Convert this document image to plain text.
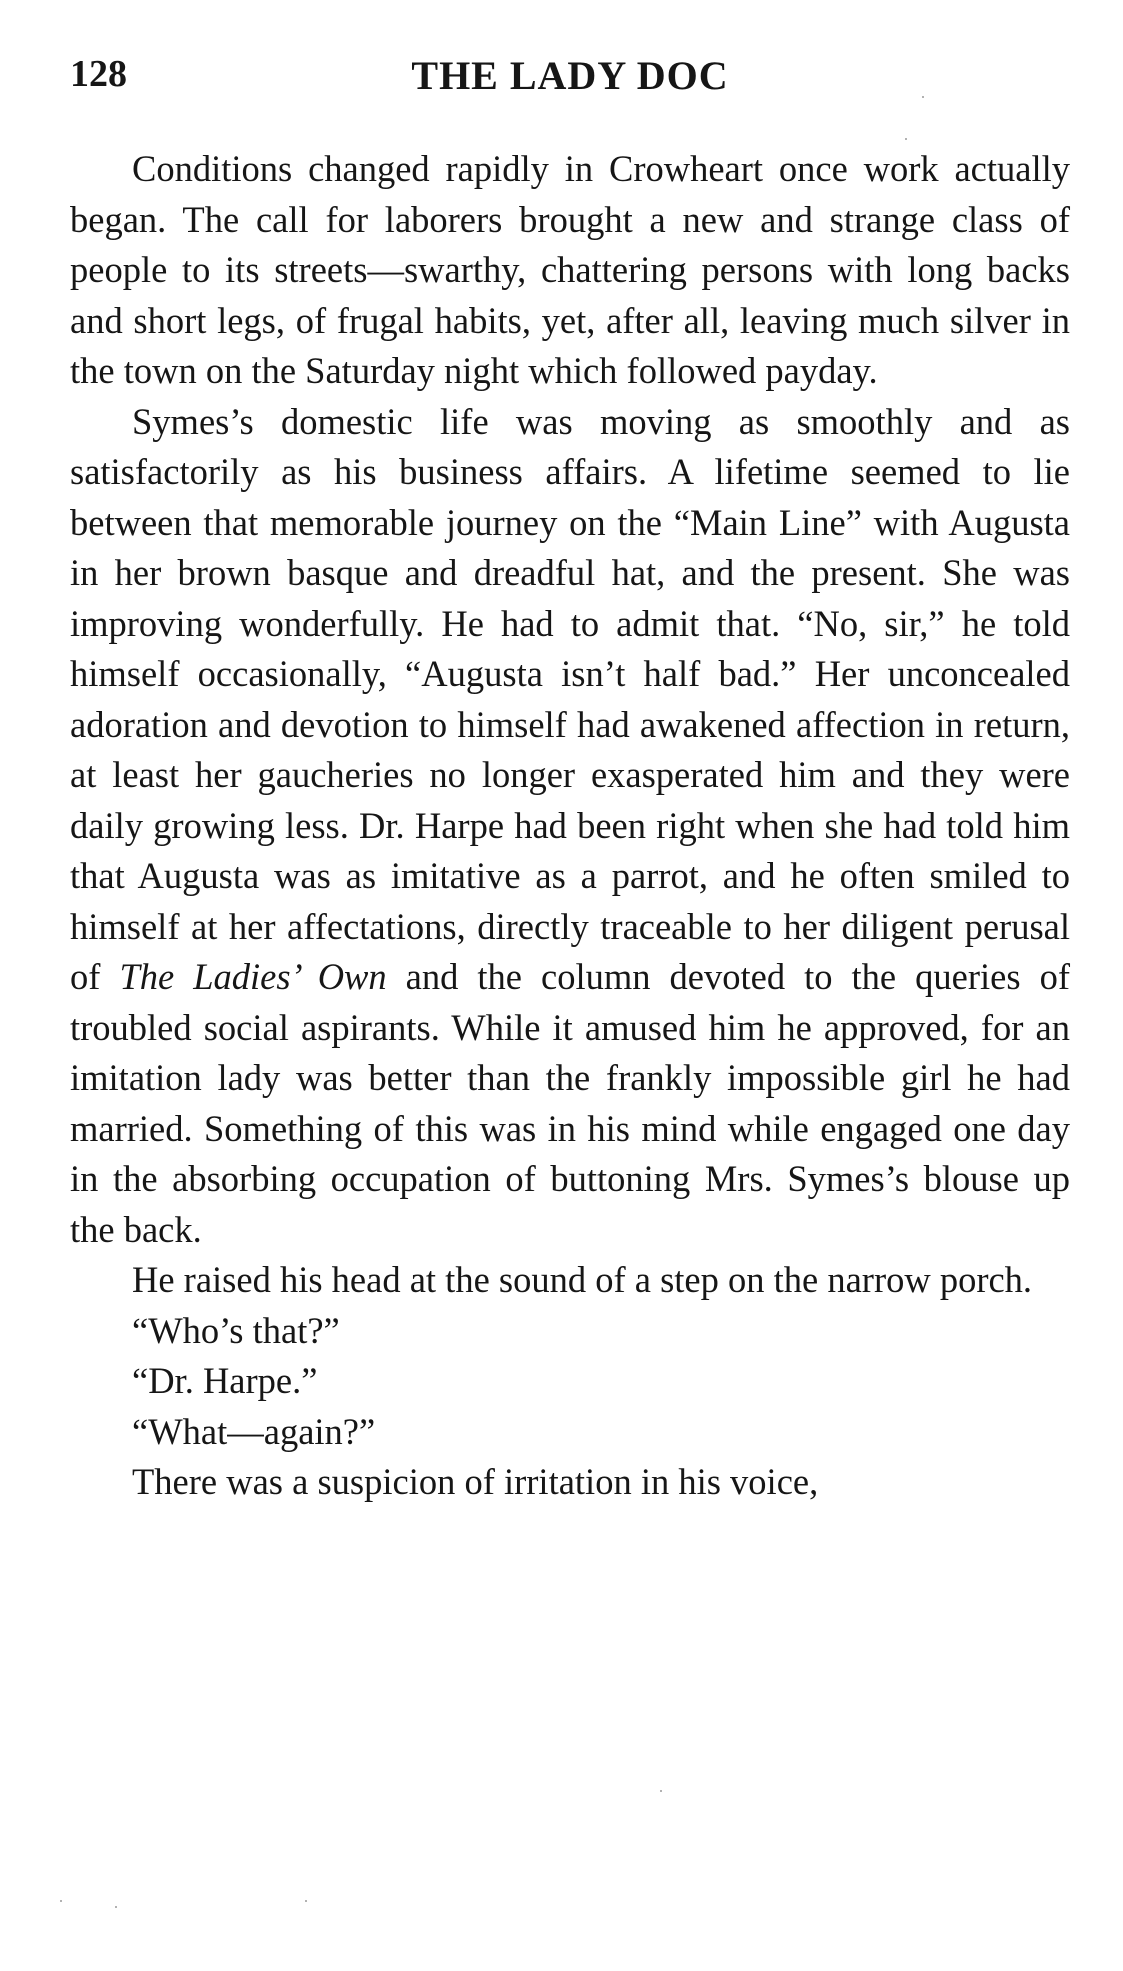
128	THE LADY DOC

Conditions changed rapidly in Crowheart once work actually began. The call for laborers brought a new and strange class of people to its streets—swarthy, chattering persons with long backs and short legs, of frugal habits, yet, after all, leaving much silver in the town on the Saturday night which followed payday.

Symes’s domestic life was moving as smoothly and as satisfactorily as his business affairs. A lifetime seemed to lie between that memorable journey on the “Main Line” with Augusta in her brown basque and dreadful hat, and the present. She was improving wonderfully. He had to admit that. “No, sir,” he told himself occasionally, “Augusta isn’t half bad.” Her unconcealed adoration and devotion to himself had awakened affection in return, at least her gaucheries no longer exasperated him and they were daily growing less. Dr. Harpe had been right when she had told him that Augusta was as imitative as a parrot, and he often smiled to himself at her affectations, directly traceable to her diligent perusal of The Ladies’ Own and the column devoted to the queries of troubled social aspirants. While it amused him he approved, for an imitation lady was better than the frankly impossible girl he had married. Something of this was in his mind while engaged one day in the absorbing occupation of buttoning Mrs. Symes’s blouse up the back.

He raised his head at the sound of a step on the narrow porch.

“Who’s that?”

“Dr. Harpe.”

“What—again?”

There was a suspicion of irritation in his voice,
